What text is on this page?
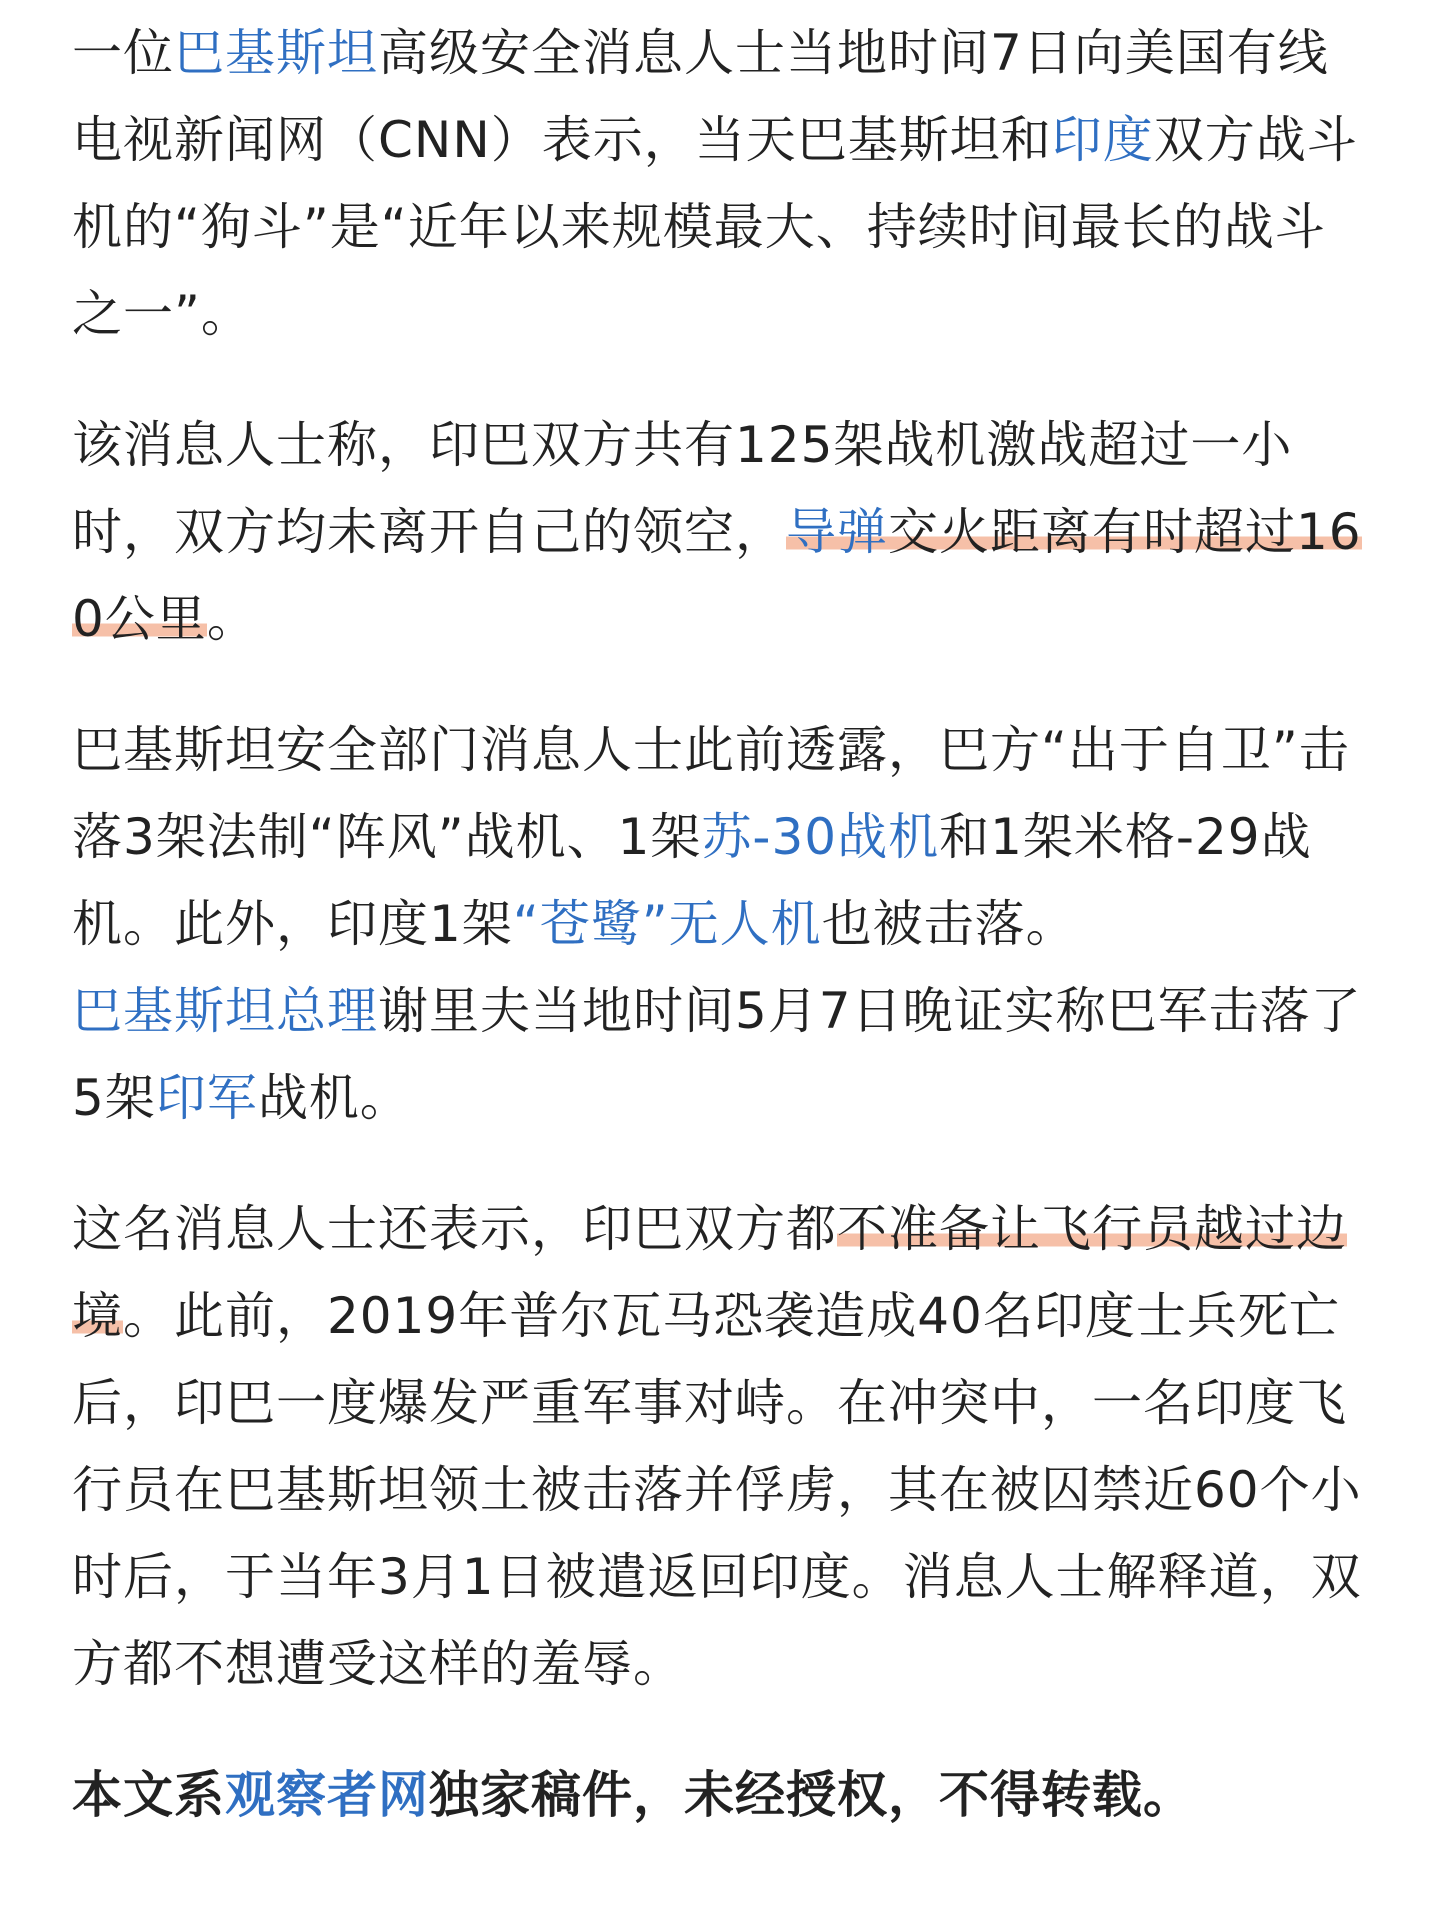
一位巴基斯坦高级安全消息人士当地时间7日向美国有线电视新闻网（CNN）表示，当天巴基斯坦和印度双方战斗机的“狗斗”是“近年以来规模最大、持续时间最长的战斗之一”。

该消息人士称，印巴双方共有125架战机激战超过一小时，双方均未离开自己的领空，导弹交火距离有时超过160公里。

巴基斯坦安全部门消息人士此前透露，巴方“出于自卫”击落3架法制“阵风”战机、1架苏-30战机和1架米格-29战机。此外，印度1架“苍鹭”无人机也被击落。
巴基斯坦总理谢里夫当地时间5月7日晚证实称巴军击落了5架印军战机。

这名消息人士还表示，印巴双方都不准备让飞行员越过边境。此前，2019年普尔瓦马恐袭造成40名印度士兵死亡后，印巴一度爆发严重军事对峙。在冲突中，一名印度飞行员在巴基斯坦领土被击落并俘虏，其在被囚禁近60个小时后，于当年3月1日被遣返回印度。消息人士解释道，双方都不想遭受这样的羞辱。

本文系观察者网独家稿件，未经授权，不得转载。
